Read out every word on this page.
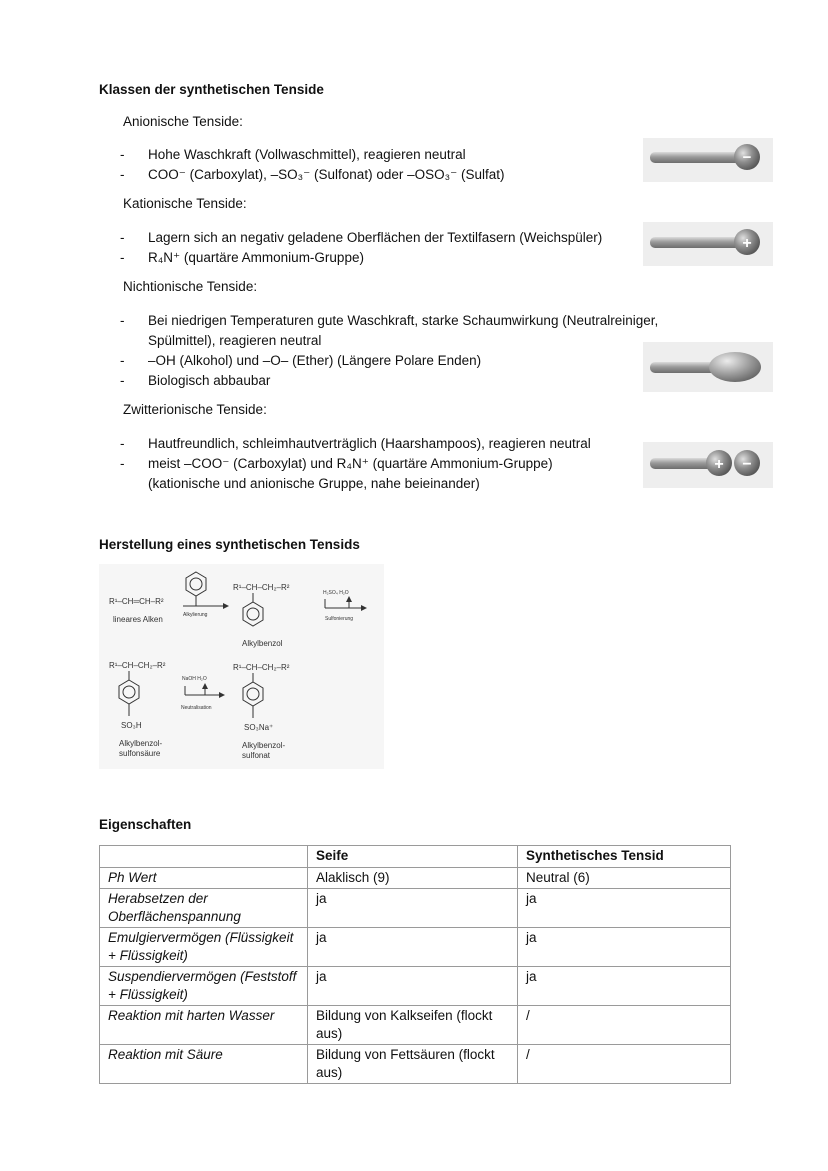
Klassen der synthetischen Tenside
Anionische Tenside:
- Hohe Waschkraft (Vollwaschmittel), reagieren neutral
- COO⁻ (Carboxylat), –SO₃⁻ (Sulfonat) oder –OSO₃⁻ (Sulfat)
Kationische Tenside:
- Lagern sich an negativ geladene Oberflächen der Textilfasern (Weichspüler)
- R₄N⁺ (quartäre Ammonium-Gruppe)
Nichtionische Tenside:
- Bei niedrigen Temperaturen gute Waschkraft, starke Schaumwirkung (Neutralreiniger,
Spülmittel), reagieren neutral
- –OH (Alkohol) und –O– (Ether) (Längere Polare Enden)
- Biologisch abbaubar
Zwitterionische Tenside:
- Hautfreundlich, schleimhautverträglich (Haarshampoos), reagieren neutral
- meist –COO⁻ (Carboxylat) und R₄N⁺ (quartäre Ammonium-Gruppe)
(kationische und anionische Gruppe, nahe beieinander)
−
+
+ −
Herstellung eines synthetischen Tensids
R¹–CH═CH–R²
lineares Alken	Alkylierung
R¹–CH–CH₂–R²
Alkylbenzol
H₂SO₄ H₂O
Sulfonierung
R¹–CH–CH₂–R²
SO₃H
Alkylbenzol-
sulfonsäure
NaOH H₂O
Neutralisation
R¹–CH–CH₂–R²
SO₃Na⁺
Alkylbenzol-
sulfonat
Eigenschaften
	Seife	Synthetisches Tensid
Ph Wert	Alaklisch (9)	Neutral (6)
Herabsetzen der Oberflächenspannung	ja	ja
Emulgiervermögen (Flüssigkeit + Flüssigkeit)	ja	ja
Suspendiervermögen (Feststoff + Flüssigkeit)	ja	ja
Reaktion mit harten Wasser	Bildung von Kalkseifen (flockt aus)	/
Reaktion mit Säure	Bildung von Fettsäuren (flockt aus)	/
